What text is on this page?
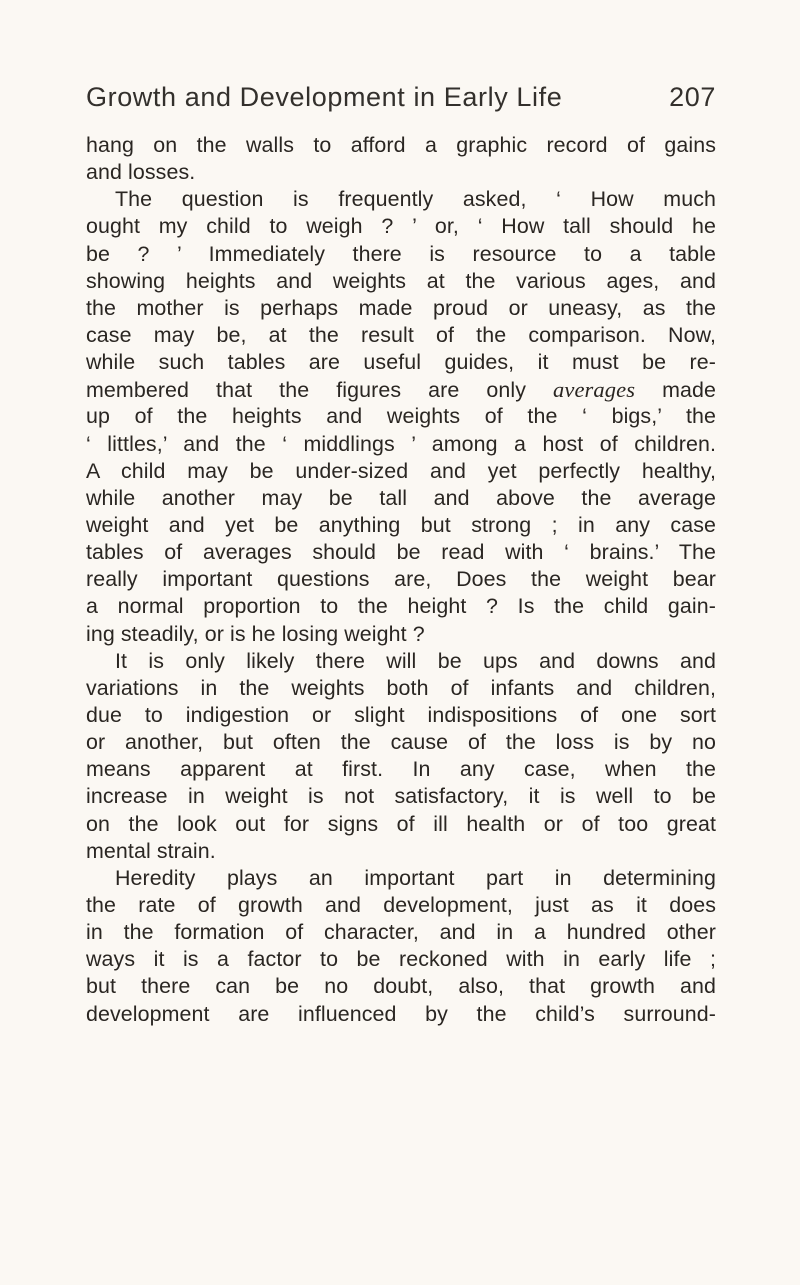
Growth and Development in Early Life	207
hang on the walls to afford a graphic record of gains
and losses.
The question is frequently asked, ‘ How much
ought my child to weigh ? ’ or, ‘ How tall should he
be ? ’ Immediately there is resource to a table
showing heights and weights at the various ages, and
the mother is perhaps made proud or uneasy, as the
case may be, at the result of the comparison. Now,
while such tables are useful guides, it must be re-
membered that the figures are only averages made
up of the heights and weights of the ‘ bigs,’ the
‘ littles,’ and the ‘ middlings ’ among a host of children.
A child may be under-sized and yet perfectly healthy,
while another may be tall and above the average
weight and yet be anything but strong ; in any case
tables of averages should be read with ‘ brains.’ The
really important questions are, Does the weight bear
a normal proportion to the height ? Is the child gain-
ing steadily, or is he losing weight ?
It is only likely there will be ups and downs and
variations in the weights both of infants and children,
due to indigestion or slight indispositions of one sort
or another, but often the cause of the loss is by no
means apparent at first. In any case, when the
increase in weight is not satisfactory, it is well to be
on the look out for signs of ill health or of too great
mental strain.
Heredity plays an important part in determining
the rate of growth and development, just as it does
in the formation of character, and in a hundred other
ways it is a factor to be reckoned with in early life ;
but there can be no doubt, also, that growth and
development are influenced by the child’s surround-
